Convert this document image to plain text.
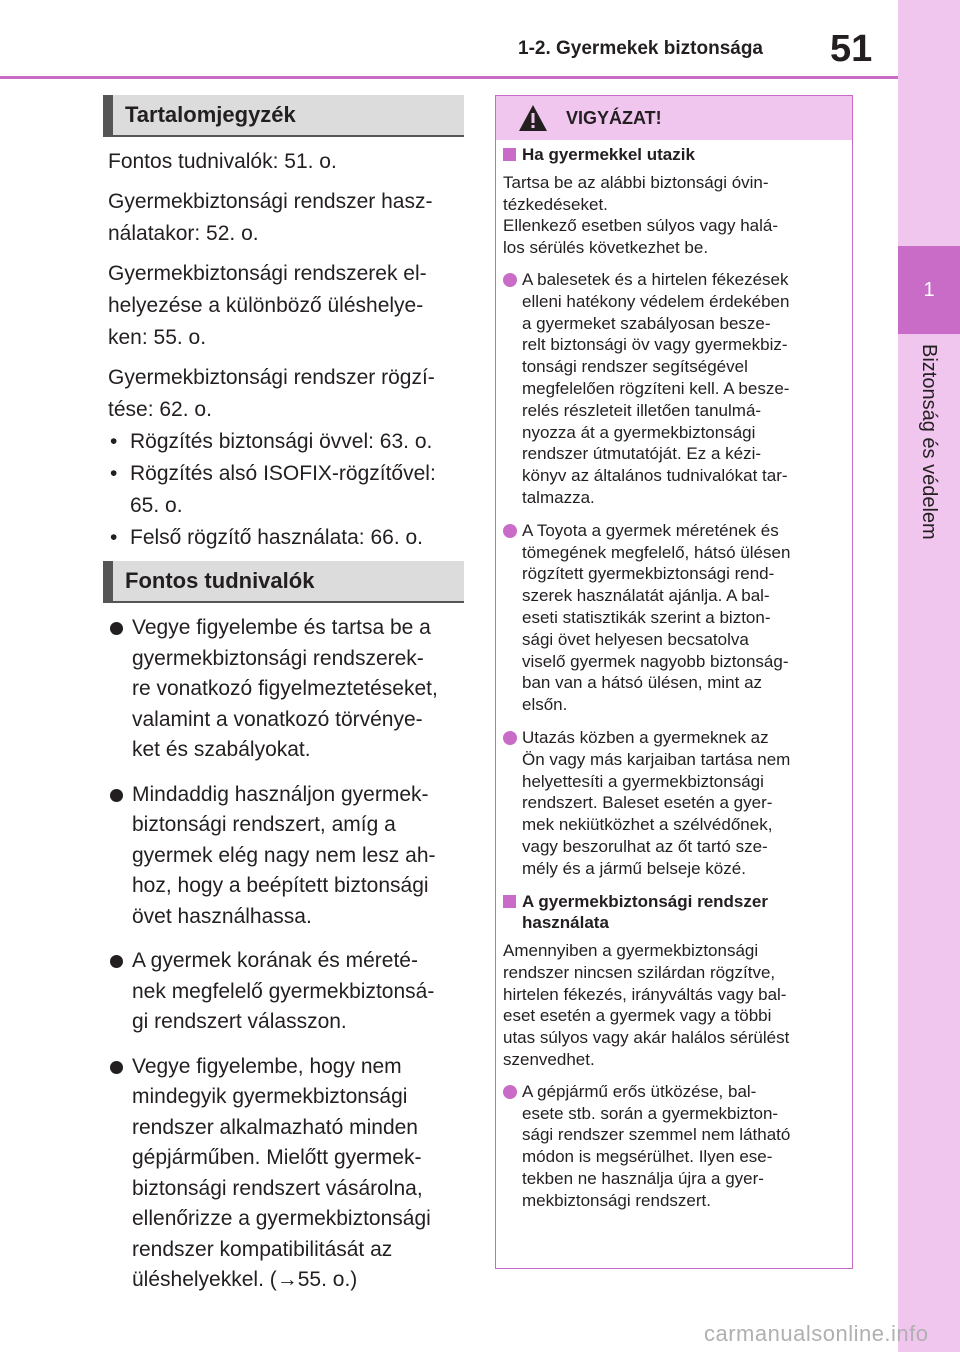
1-2. Gyermekek biztonsága 51
1
Biztonság és védelem
Tartalomjegyzék

Fontos tudnivalók: 51. o.

Gyermekbiztonsági rendszer hasz-
nálatakor: 52. o.

Gyermekbiztonsági rendszerek el-
helyezése a különböző üléshelye-
ken: 55. o.

Gyermekbiztonsági rendszer rögzí-
tése: 62. o.

• Rögzítés biztonsági övvel: 63. o.
• Rögzítés alsó ISOFIX-rögzítővel:
65. o.
• Felső rögzítő használata: 66. o.
Fontos tudnivalók
Vegye figyelembe és tartsa be a
gyermekbiztonsági rendszerek-
re vonatkozó figyelmeztetéseket,
valamint a vonatkozó törvénye-
ket és szabályokat.
Mindaddig használjon gyermek-
biztonsági rendszert, amíg a
gyermek elég nagy nem lesz ah-
hoz, hogy a beépített biztonsági
övet használhassa.
A gyermek korának és méreté-
nek megfelelő gyermekbiztonsá-
gi rendszert válasszon.
Vegye figyelembe, hogy nem
mindegyik gyermekbiztonsági
rendszer alkalmazható minden
gépjárműben. Mielőtt gyermek-
biztonsági rendszert vásárolna,
ellenőrizze a gyermekbiztonsági
rendszer kompatibilitását az
üléshelyekkel. (→55. o.)
VIGYÁZAT!
Ha gyermekkel utazik
Tartsa be az alábbi biztonsági óvin-
tézkedéseket.
Ellenkező esetben súlyos vagy halá-
los sérülés következhet be.
A balesetek és a hirtelen fékezések
elleni hatékony védelem érdekében
a gyermeket szabályosan besze-
relt biztonsági öv vagy gyermekbiz-
tonsági rendszer segítségével
megfelelően rögzíteni kell. A besze-
relés részleteit illetően tanulmá-
nyozza át a gyermekbiztonsági
rendszer útmutatóját. Ez a kézi-
könyv az általános tudnivalókat tar-
talmazza.
A Toyota a gyermek méretének és
tömegének megfelelő, hátsó ülésen
rögzített gyermekbiztonsági rend-
szerek használatát ajánlja. A bal-
eseti statisztikák szerint a bizton-
sági övet helyesen becsatolva
viselő gyermek nagyobb biztonság-
ban van a hátsó ülésen, mint az
elsőn.
Utazás közben a gyermeknek az
Ön vagy más karjaiban tartása nem
helyettesíti a gyermekbiztonsági
rendszert. Baleset esetén a gyer-
mek nekiütközhet a szélvédőnek,
vagy beszorulhat az őt tartó sze-
mély és a jármű belseje közé.
A gyermekbiztonsági rendszer
használata
Amennyiben a gyermekbiztonsági
rendszer nincsen szilárdan rögzítve,
hirtelen fékezés, irányváltás vagy bal-
eset esetén a gyermek vagy a többi
utas súlyos vagy akár halálos sérülést
szenvedhet.
A gépjármű erős ütközése, bal-
esete stb. során a gyermekbizton-
sági rendszer szemmel nem látható
módon is megsérülhet. Ilyen ese-
tekben ne használja újra a gyer-
mekbiztonsági rendszert.
carmanualsonline.info
